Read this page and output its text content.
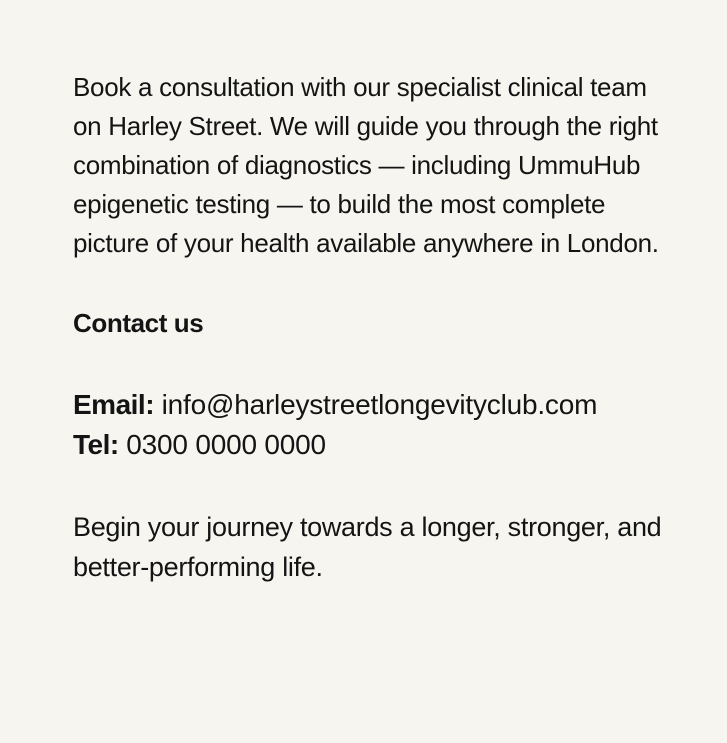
Book a consultation with our specialist clinical team on Harley Street. We will guide you through the right combination of diagnostics — including UmmuHub epigenetic testing — to build the most complete picture of your health available anywhere in London.

Contact us
Email: info@harleystreetlongevityclub.com
Tel: 0300 0000 0000

Begin your journey towards a longer, stronger, and better-performing life.
